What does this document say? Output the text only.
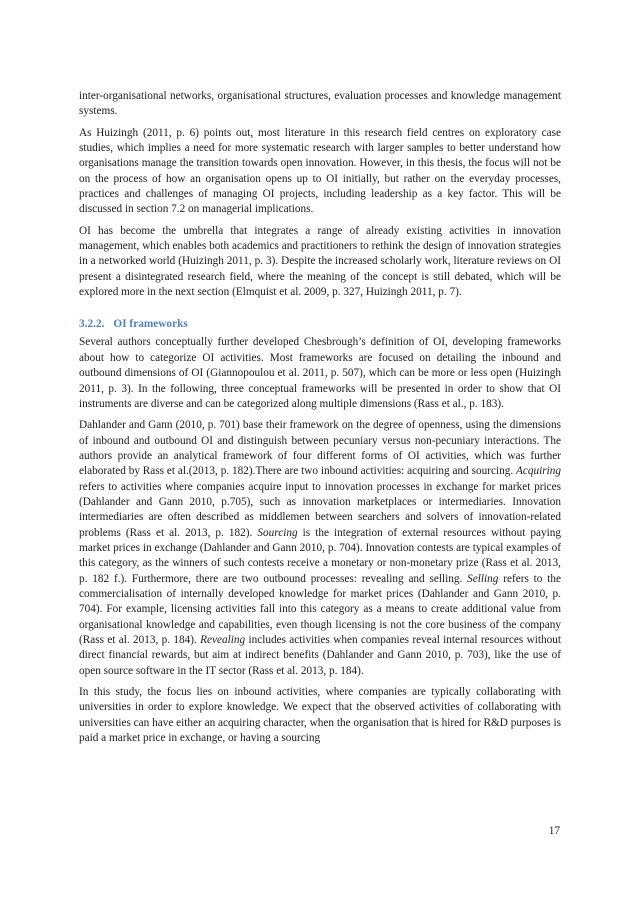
inter-organisational networks, organisational structures, evaluation processes and knowledge management systems.

As Huizingh (2011, p. 6) points out, most literature in this research field centres on exploratory case studies, which implies a need for more systematic research with larger samples to better understand how organisations manage the transition towards open innovation. However, in this thesis, the focus will not be on the process of how an organisation opens up to OI initially, but rather on the everyday processes, practices and challenges of managing OI projects, including leadership as a key factor. This will be discussed in section 7.2 on managerial implications.

OI has become the umbrella that integrates a range of already existing activities in innovation management, which enables both academics and practitioners to rethink the design of innovation strategies in a networked world (Huizingh 2011, p. 3). Despite the increased scholarly work, literature reviews on OI present a disintegrated research field, where the meaning of the concept is still debated, which will be explored more in the next section (Elmquist et al. 2009, p. 327, Huizingh 2011, p. 7).

3.2.2. OI frameworks

Several authors conceptually further developed Chesbrough’s definition of OI, developing frameworks about how to categorize OI activities. Most frameworks are focused on detailing the inbound and outbound dimensions of OI (Giannopoulou et al. 2011, p. 507), which can be more or less open (Huizingh 2011, p. 3). In the following, three conceptual frameworks will be presented in order to show that OI instruments are diverse and can be categorized along multiple dimensions (Rass et al., p. 183).

Dahlander and Gann (2010, p. 701) base their framework on the degree of openness, using the dimensions of inbound and outbound OI and distinguish between pecuniary versus non-pecuniary interactions. The authors provide an analytical framework of four different forms of OI activities, which was further elaborated by Rass et al.(2013, p. 182).There are two inbound activities: acquiring and sourcing. Acquiring refers to activities where companies acquire input to innovation processes in exchange for market prices (Dahlander and Gann 2010, p.705), such as innovation marketplaces or intermediaries. Innovation intermediaries are often described as middlemen between searchers and solvers of innovation-related problems (Rass et al. 2013, p. 182). Sourcing is the integration of external resources without paying market prices in exchange (Dahlander and Gann 2010, p. 704). Innovation contests are typical examples of this category, as the winners of such contests receive a monetary or non-monetary prize (Rass et al. 2013, p. 182 f.). Furthermore, there are two outbound processes: revealing and selling. Selling refers to the commercialisation of internally developed knowledge for market prices (Dahlander and Gann 2010, p. 704). For example, licensing activities fall into this category as a means to create additional value from organisational knowledge and capabilities, even though licensing is not the core business of the company (Rass et al. 2013, p. 184). Revealing includes activities when companies reveal internal resources without direct financial rewards, but aim at indirect benefits (Dahlander and Gann 2010, p. 703), like the use of open source software in the IT sector (Rass et al. 2013, p. 184).

In this study, the focus lies on inbound activities, where companies are typically collaborating with universities in order to explore knowledge. We expect that the observed activities of collaborating with universities can have either an acquiring character, when the organisation that is hired for R&D purposes is paid a market price in exchange, or having a sourcing

17
